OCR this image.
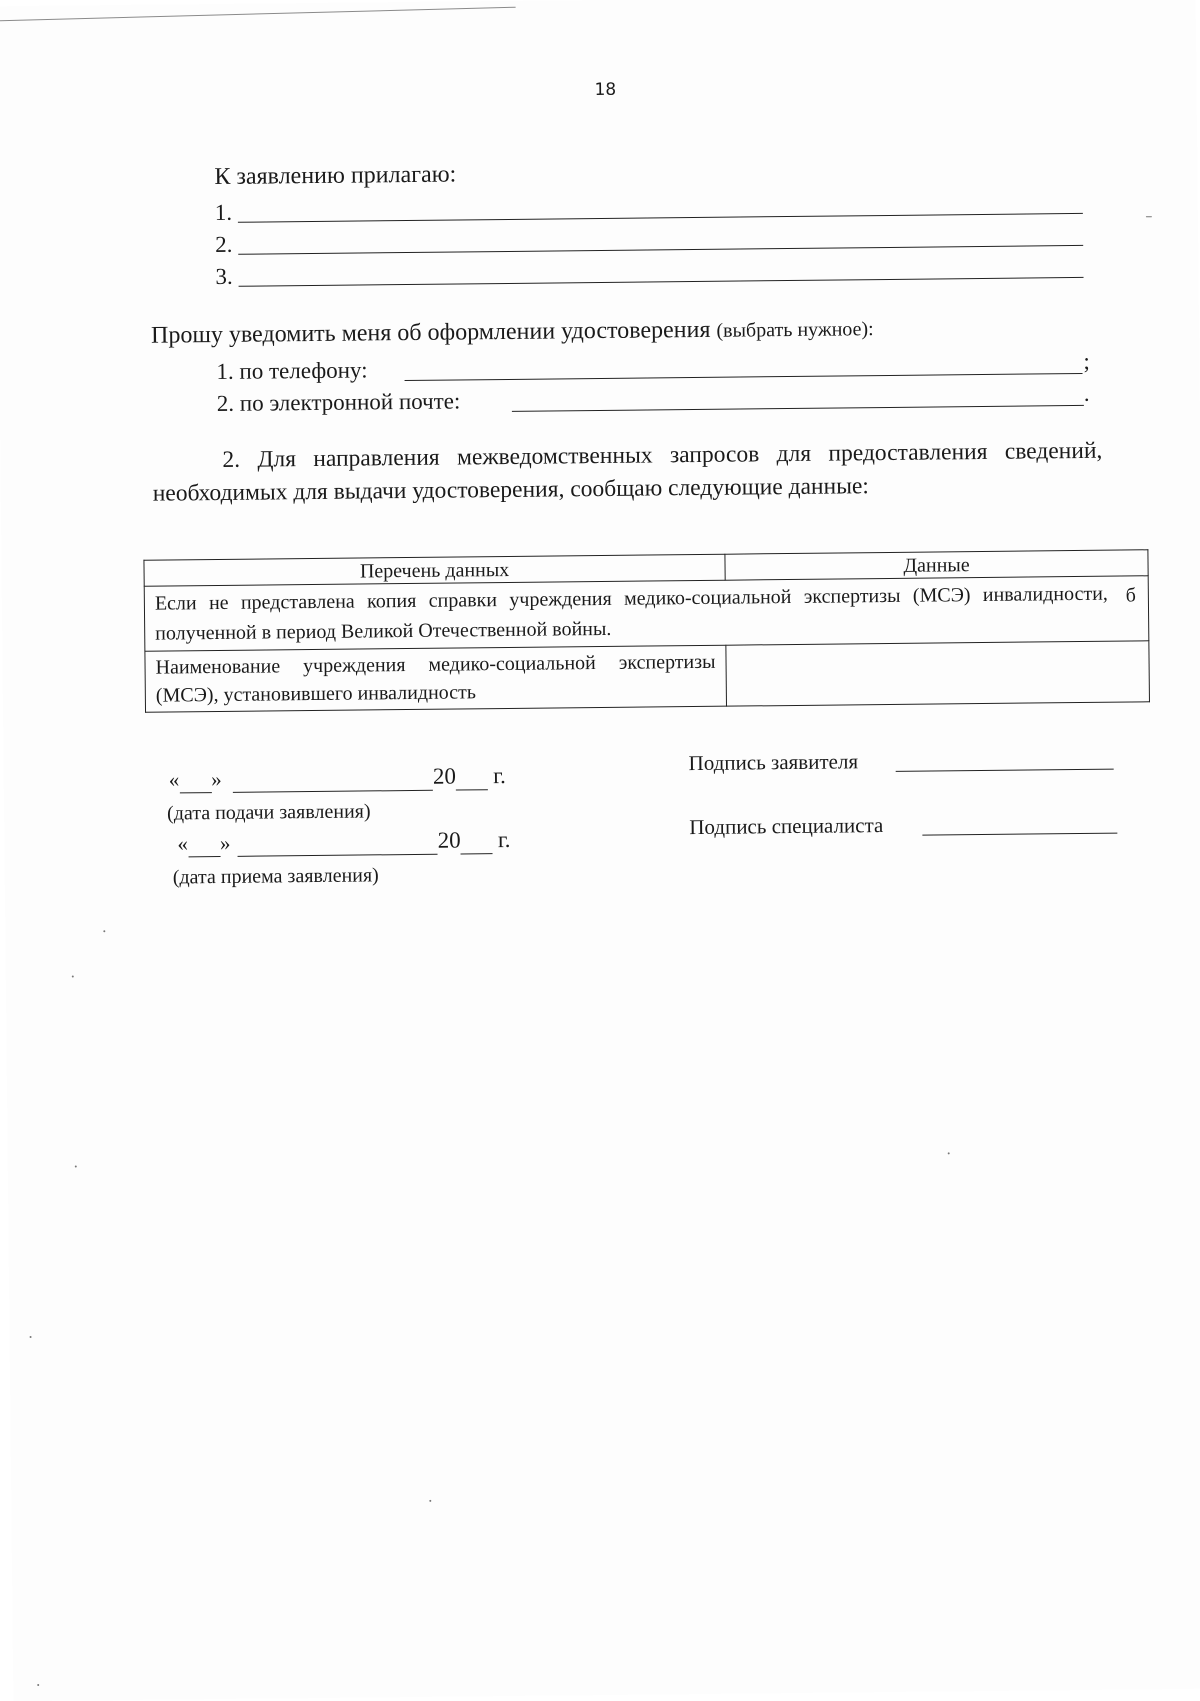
18
К заявлению прилагаю:
1.
2.
3.
Прошу уведомить меня об оформлении удостоверения (выбрать нужное):
1. по телефону:	;
2. по электронной почте:	.
2. Для направления межведомственных запросов для предоставления сведений, необходимых для выдачи удостоверения, сообщаю следующие данные:
Перечень данных	Данные

Если не представлена копия справки учреждения медико-социальной экспертизы (МСЭ) инвалидности, полученной в период Великой Отечественной войны.
б	

Наименование учреждения медико-социальной экспертизы (МСЭ), установившего инвалидность	
« »	20 г.
(дата подачи заявления)
« »	20 г.
(дата приема заявления)
Подпись заявителя
Подпись специалиста
